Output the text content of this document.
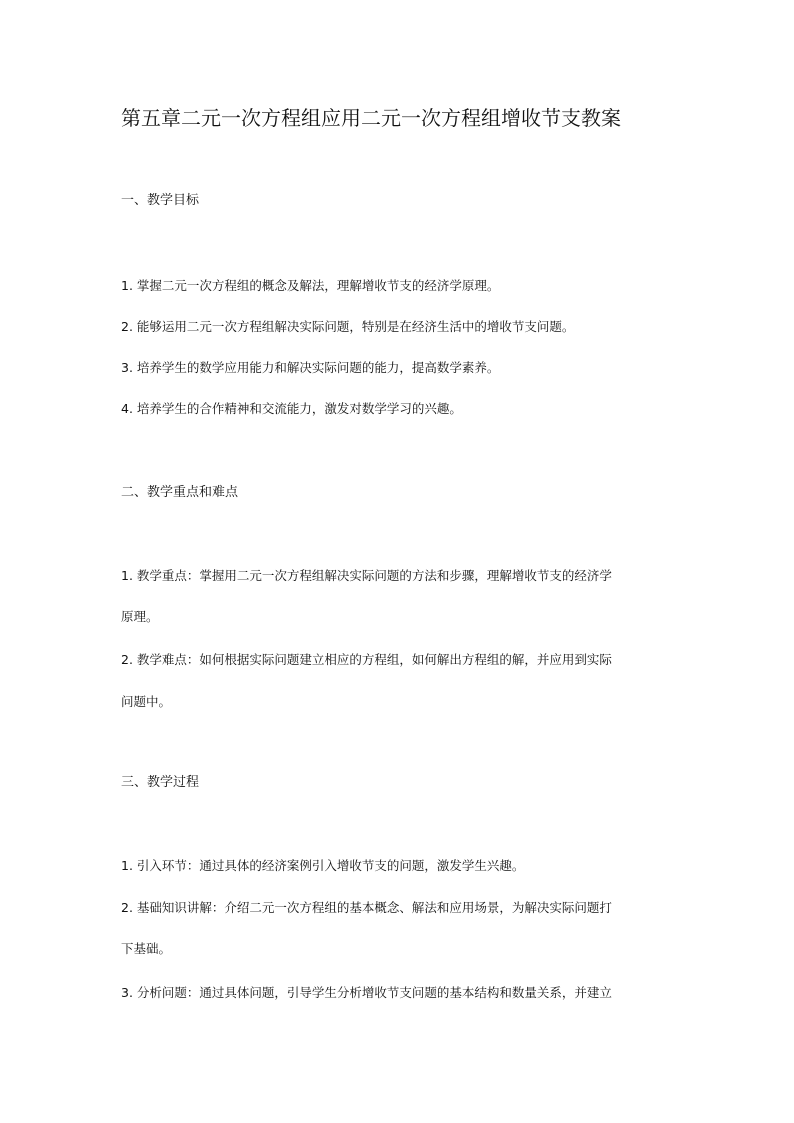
第五章二元一次方程组应用二元一次方程组增收节支教案
一、教学目标
1. 掌握二元一次方程组的概念及解法，理解增收节支的经济学原理。
2. 能够运用二元一次方程组解决实际问题，特别是在经济生活中的增收节支问题。
3. 培养学生的数学应用能力和解决实际问题的能力，提高数学素养。
4. 培养学生的合作精神和交流能力，激发对数学学习的兴趣。
二、教学重点和难点
1. 教学重点：掌握用二元一次方程组解决实际问题的方法和步骤，理解增收节支的经济学
原理。
2. 教学难点：如何根据实际问题建立相应的方程组，如何解出方程组的解，并应用到实际
问题中。
三、教学过程
1. 引入环节：通过具体的经济案例引入增收节支的问题，激发学生兴趣。
2. 基础知识讲解：介绍二元一次方程组的基本概念、解法和应用场景，为解决实际问题打
下基础。
3. 分析问题：通过具体问题，引导学生分析增收节支问题的基本结构和数量关系，并建立
